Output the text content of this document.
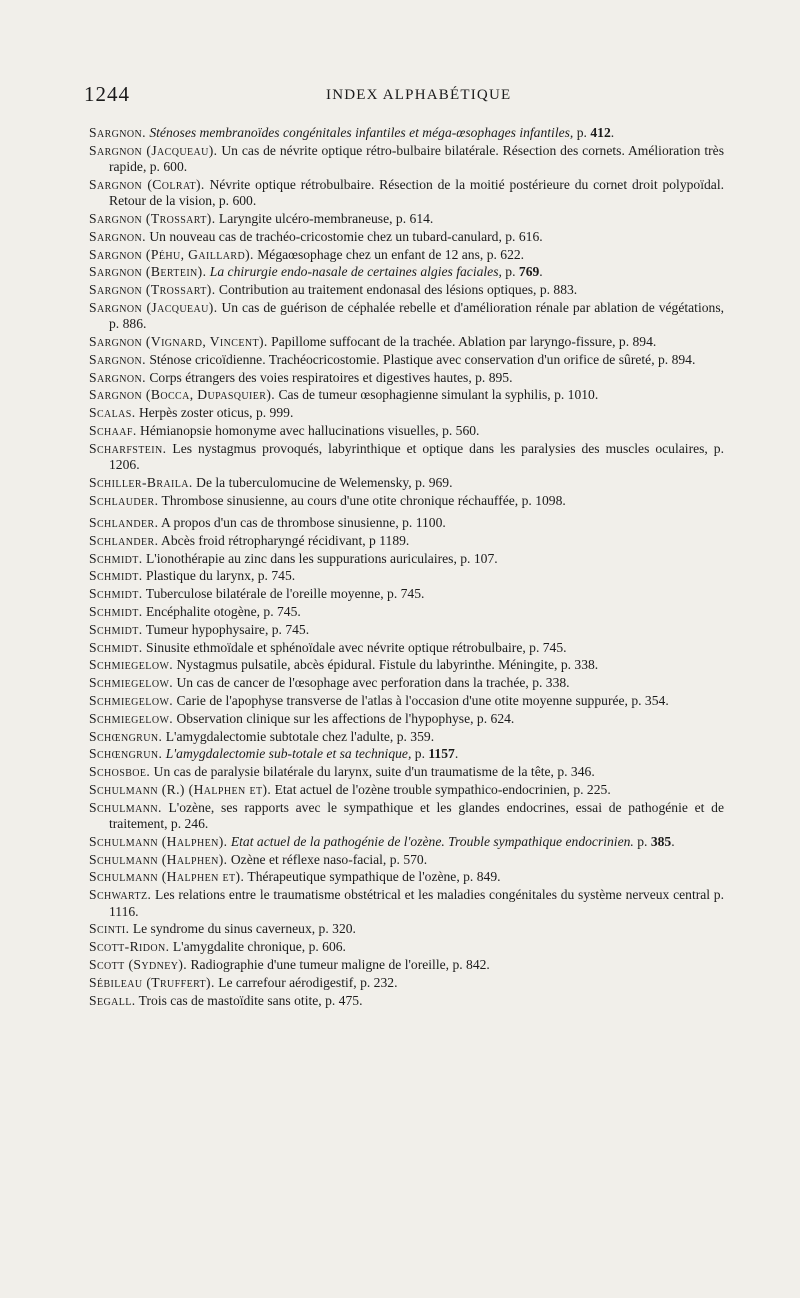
1244	INDEX ALPHABÉTIQUE

Sargnon. Sténoses membranoïdes congénitales infantiles et méga-œsophages infantiles, p. 412.

Sargnon (Jacqueau). Un cas de névrite optique rétro-bulbaire bilatérale. Résection des cornets. Amélioration très rapide, p. 600.

Sargnon (Colrat). Névrite optique rétrobulbaire. Résection de la moitié postérieure du cornet droit polypoïdal. Retour de la vision, p. 600.

Sargnon (Trossart). Laryngite ulcéro-membraneuse, p. 614.

Sargnon. Un nouveau cas de trachéo-cricostomie chez un tubard-canulard, p. 616.

Sargnon (Péhu, Gaillard). Mégaœsophage chez un enfant de 12 ans, p. 622.

Sargnon (Bertein). La chirurgie endo-nasale de certaines algies faciales, p. 769.

Sargnon (Trossart). Contribution au traitement endonasal des lésions optiques, p. 883.

Sargnon (Jacqueau). Un cas de guérison de céphalée rebelle et d'amélioration rénale par ablation de végétations, p. 886.

Sargnon (Vignard, Vincent). Papillome suffocant de la trachée. Ablation par laryngo-fissure, p. 894.

Sargnon. Sténose cricoïdienne. Trachéocricostomie. Plastique avec conservation d'un orifice de sûreté, p. 894.

Sargnon. Corps étrangers des voies respiratoires et digestives hautes, p. 895.

Sargnon (Bocca, Dupasquier). Cas de tumeur œsophagienne simulant la syphilis, p. 1010.

Scalas. Herpès zoster oticus, p. 999.

Schaaf. Hémianopsie homonyme avec hallucinations visuelles, p. 560.

Scharfstein. Les nystagmus provoqués, labyrinthique et optique dans les paralysies des muscles oculaires, p. 1206.

Schiller-Braila. De la tuberculomucine de Welemensky, p. 969.

Schlauder. Thrombose sinusienne, au cours d'une otite chronique réchauffée, p. 1098.

Schlander. A propos d'un cas de thrombose sinusienne, p. 1100.

Schlander. Abcès froid rétropharyngé récidivant, p 1189.

Schmidt. L'ionothérapie au zinc dans les suppurations auriculaires, p. 107.

Schmidt. Plastique du larynx, p. 745.

Schmidt. Tuberculose bilatérale de l'oreille moyenne, p. 745.

Schmidt. Encéphalite otogène, p. 745.

Schmidt. Tumeur hypophysaire, p. 745.

Schmidt. Sinusite ethmoïdale et sphénoïdale avec névrite optique rétrobulbaire, p. 745.

Schmiegelow. Nystagmus pulsatile, abcès épidural. Fistule du labyrinthe. Méningite, p. 338.

Schmiegelow. Un cas de cancer de l'œsophage avec perforation dans la trachée, p. 338.

Schmiegelow. Carie de l'apophyse transverse de l'atlas à l'occasion d'une otite moyenne suppurée, p. 354.

Schmiegelow. Observation clinique sur les affections de l'hypophyse, p. 624.

Schœngrun. L'amygdalectomie subtotale chez l'adulte, p. 359.

Schœngrun. L'amygdalectomie sub-totale et sa technique, p. 1157.

Schosboe. Un cas de paralysie bilatérale du larynx, suite d'un traumatisme de la tête, p. 346.

Schulmann (R.) (Halphen et). Etat actuel de l'ozène trouble sympathico-endocrinien, p. 225.

Schulmann. L'ozène, ses rapports avec le sympathique et les glandes endocrines, essai de pathogénie et de traitement, p. 246.

Schulmann (Halphen). Etat actuel de la pathogénie de l'ozène. Trouble sympathique endocrinien. p. 385.

Schulmann (Halphen). Ozène et réflexe naso-facial, p. 570.

Schulmann (Halphen et). Thérapeutique sympathique de l'ozène, p. 849.

Schwartz. Les relations entre le traumatisme obstétrical et les maladies congénitales du système nerveux central p. 1116.

Scinti. Le syndrome du sinus caverneux, p. 320.

Scott-Ridon. L'amygdalite chronique, p. 606.

Scott (Sydney). Radiographie d'une tumeur maligne de l'oreille, p. 842.

Sébileau (Truffert). Le carrefour aérodigestif, p. 232.

Segall. Trois cas de mastoïdite sans otite, p. 475.
